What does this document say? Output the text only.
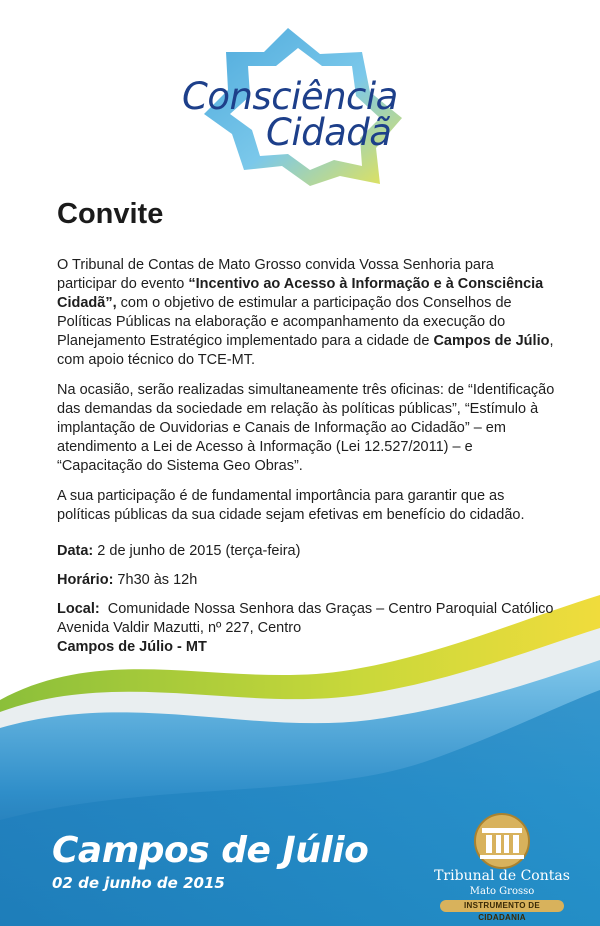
Consciência
Cidadã
Convite

O Tribunal de Contas de Mato Grosso convida Vossa Senhoria para participar do evento “Incentivo ao Acesso à Informação e à Consciência Cidadã”, com o objetivo de estimular a participação dos Conselhos de Políticas Públicas na elaboração e acompanhamento da execução do Planejamento Estratégico implementado para a cidade de Campos de Júlio, com apoio técnico do TCE-MT.

Na ocasião, serão realizadas simultaneamente três oficinas: de “Identificação das demandas da sociedade em relação às políticas públicas”, “Estímulo à implantação de Ouvidorias e Canais de Informação ao Cidadão” – em atendimento a Lei de Acesso à Informação (Lei 12.527/2011) – e “Capacitação do Sistema Geo Obras”.

A sua participação é de fundamental importância para garantir que as políticas públicas da sua cidade sejam efetivas em benefício do cidadão.

Data: 2 de junho de 2015 (terça-feira)
Horário: 7h30 às 12h
Local:  Comunidade Nossa Senhora das Graças – Centro Paroquial Católico
Avenida Valdir Mazutti, nº 227, Centro
Campos de Júlio - MT
Campos de Júlio
02 de junho de 2015	Tribunal de Contas
Mato Grosso
INSTRUMENTO DE CIDADANIA
